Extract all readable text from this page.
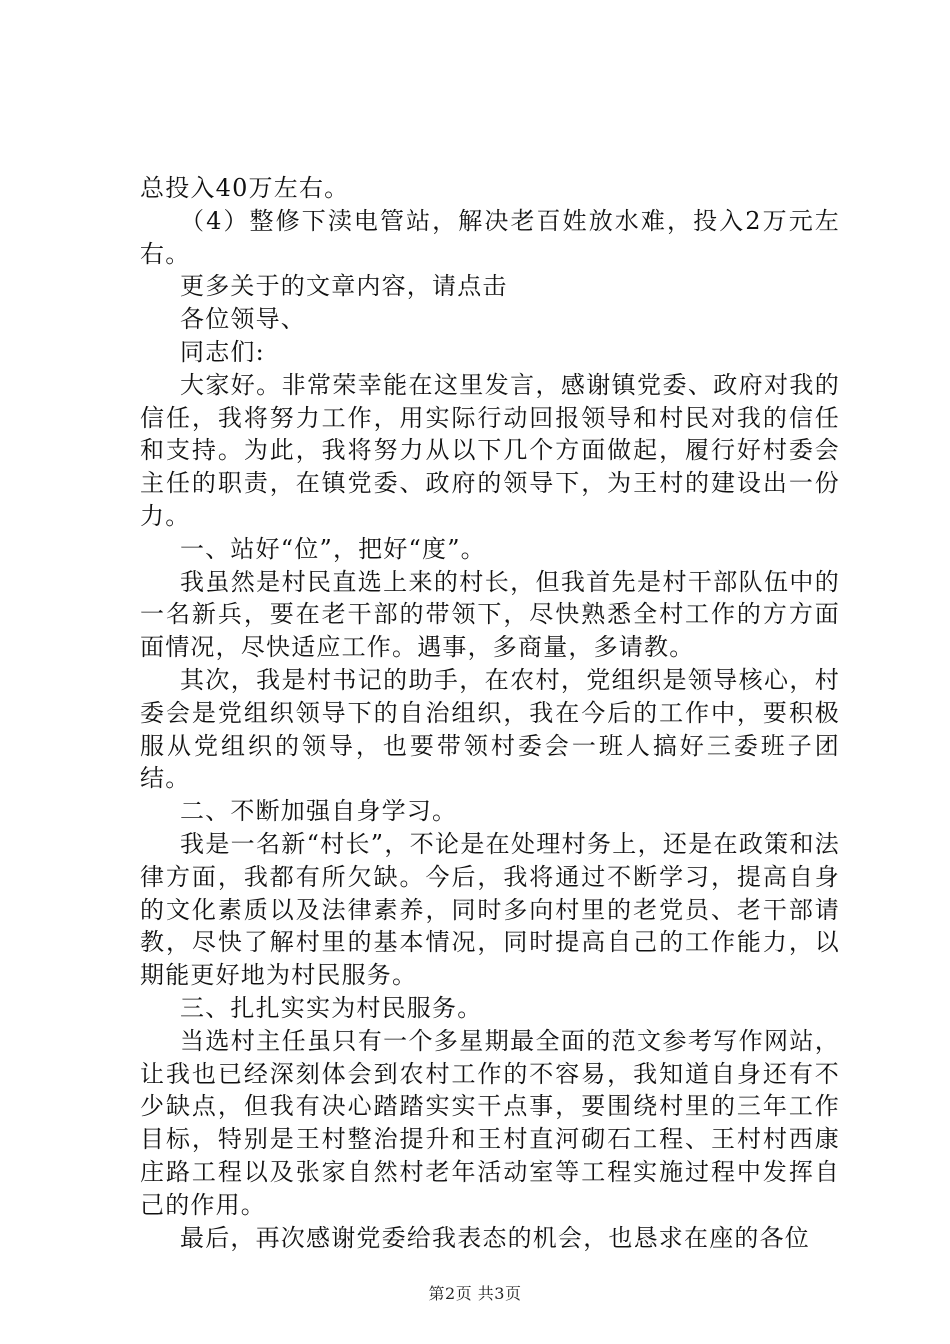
总投入40万左右。

（4）整修下渎电管站，解决老百姓放水难，投入2万元左右。

更多关于的文章内容，请点击

各位领导、

同志们:

大家好。非常荣幸能在这里发言，感谢镇党委、政府对我的信任，我将努力工作，用实际行动回报领导和村民对我的信任和支持。为此，我将努力从以下几个方面做起，履行好村委会主任的职责，在镇党委、政府的领导下，为王村的建设出一份力。

一、站好“位”，把好“度”。

我虽然是村民直选上来的村长，但我首先是村干部队伍中的一名新兵，要在老干部的带领下，尽快熟悉全村工作的方方面面情况，尽快适应工作。遇事，多商量，多请教。

其次，我是村书记的助手，在农村，党组织是领导核心，村委会是党组织领导下的自治组织，我在今后的工作中，要积极服从党组织的领导，也要带领村委会一班人搞好三委班子团结。

二、不断加强自身学习。

我是一名新“村长”，不论是在处理村务上，还是在政策和法律方面，我都有所欠缺。今后，我将通过不断学习，提高自身的文化素质以及法律素养，同时多向村里的老党员、老干部请教，尽快了解村里的基本情况，同时提高自己的工作能力，以期能更好地为村民服务。

三、扎扎实实为村民服务。

当选村主任虽只有一个多星期最全面的范文参考写作网站，让我也已经深刻体会到农村工作的不容易，我知道自身还有不少缺点，但我有决心踏踏实实干点事，要围绕村里的三年工作目标，特别是王村整治提升和王村直河砌石工程、王村村西康庄路工程以及张家自然村老年活动室等工程实施过程中发挥自己的作用。

最后，再次感谢党委给我表态的机会，也恳求在座的各位

第2页 共3页
